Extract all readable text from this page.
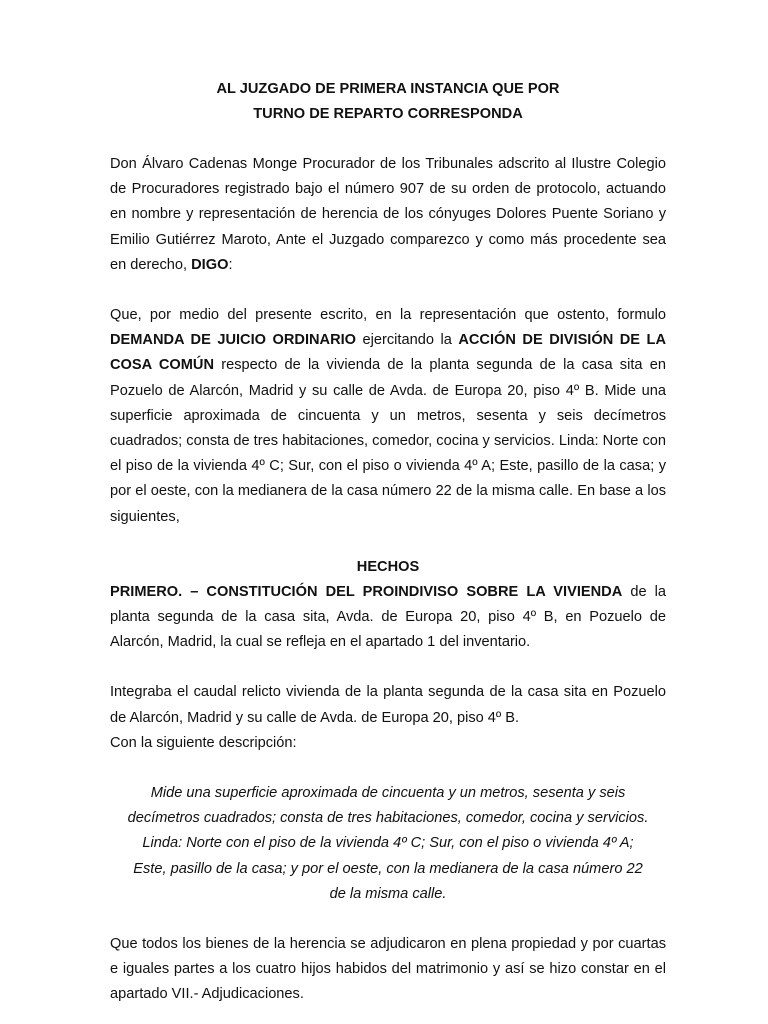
AL JUZGADO DE PRIMERA INSTANCIA QUE POR

TURNO DE REPARTO CORRESPONDA

Don Álvaro Cadenas Monge Procurador de los Tribunales adscrito al Ilustre Colegio de Procuradores registrado bajo el número 907 de su orden de protocolo, actuando en nombre y representación de herencia de los cónyuges Dolores Puente Soriano y Emilio Gutiérrez Maroto, Ante el Juzgado comparezco y como más procedente sea en derecho, DIGO:

Que, por medio del presente escrito, en la representación que ostento, formulo DEMANDA DE JUICIO ORDINARIO ejercitando la ACCIÓN DE DIVISIÓN DE LA COSA COMÚN respecto de la vivienda de la planta segunda de la casa sita en Pozuelo de Alarcón, Madrid y su calle de Avda. de Europa 20, piso 4º B. Mide una superficie aproximada de cincuenta y un metros, sesenta y seis decímetros cuadrados; consta de tres habitaciones, comedor, cocina y servicios. Linda: Norte con el piso de la vivienda 4º C; Sur, con el piso o vivienda 4º A; Este, pasillo de la casa; y por el oeste, con la medianera de la casa número 22 de la misma calle. En base a los siguientes,

HECHOS

PRIMERO. – CONSTITUCIÓN DEL PROINDIVISO SOBRE LA VIVIENDA de la planta segunda de la casa sita, Avda. de Europa 20, piso 4º B, en Pozuelo de Alarcón, Madrid, la cual se refleja en el apartado 1 del inventario.

Integraba el caudal relicto vivienda de la planta segunda de la casa sita en Pozuelo de Alarcón, Madrid y su calle de Avda. de Europa 20, piso 4º B.

Con la siguiente descripción:

Mide una superficie aproximada de cincuenta y un metros, sesenta y seis

decímetros cuadrados; consta de tres habitaciones, comedor, cocina y servicios.

Linda: Norte con el piso de la vivienda 4º C; Sur, con el piso o vivienda 4º A;

Este, pasillo de la casa; y por el oeste, con la medianera de la casa número 22

de la misma calle.

Que todos los bienes de la herencia se adjudicaron en plena propiedad y por cuartas e iguales partes a los cuatro hijos habidos del matrimonio y así se hizo constar en el apartado VII.- Adjudicaciones.
